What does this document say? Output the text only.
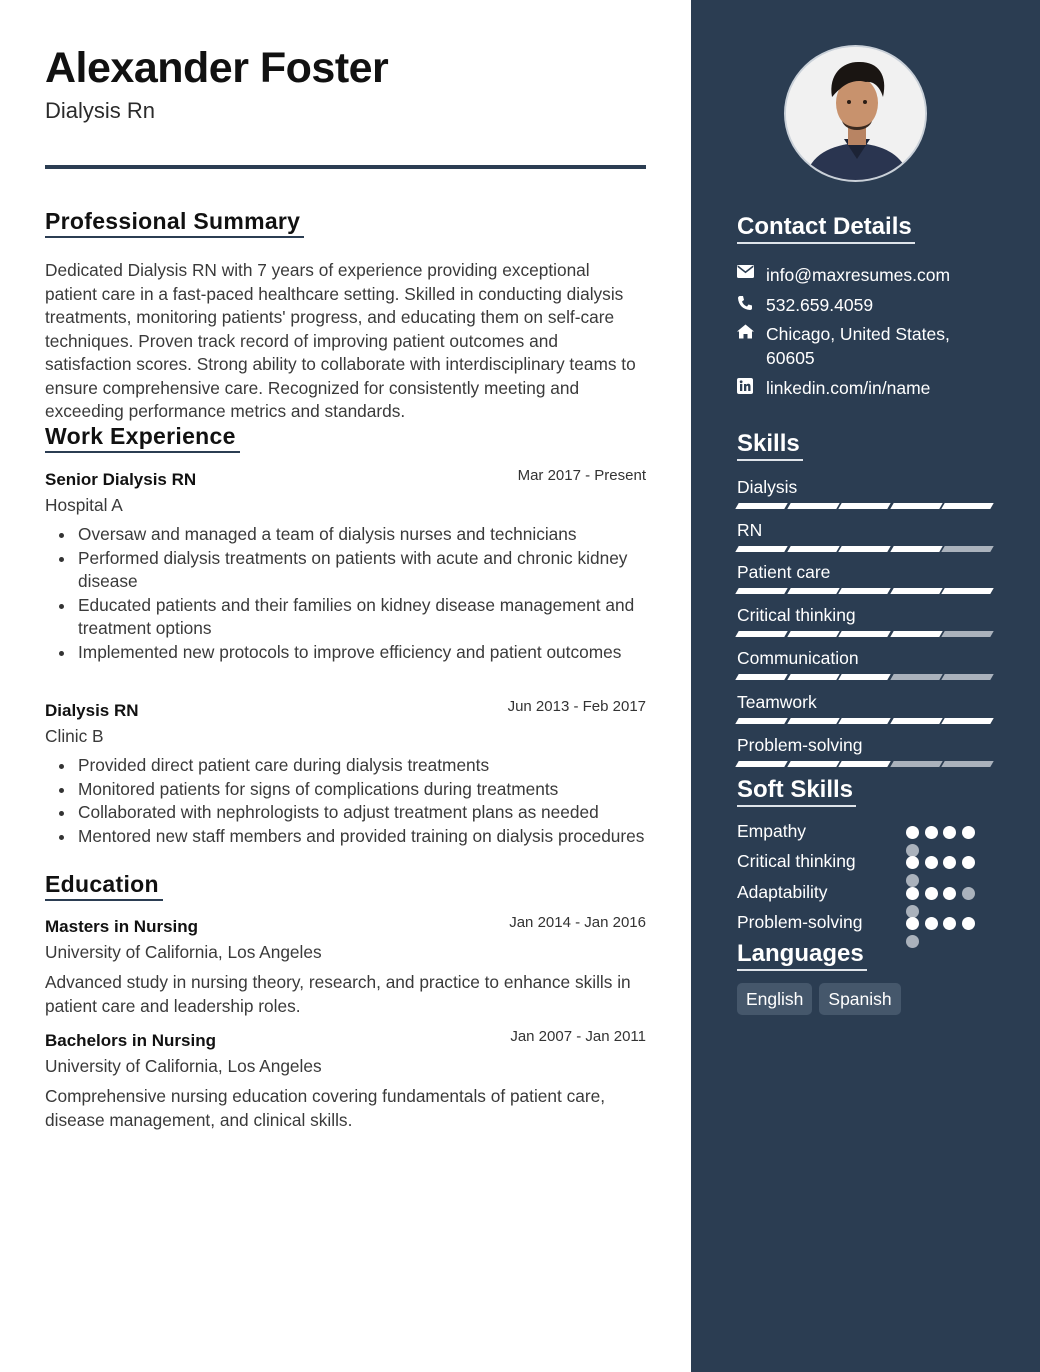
Alexander Foster
Dialysis Rn
Professional Summary

Dedicated Dialysis RN with 7 years of experience providing exceptional patient care in a fast-paced healthcare setting. Skilled in conducting dialysis treatments, monitoring patients' progress, and educating them on self-care techniques. Proven track record of improving patient outcomes and satisfaction scores. Strong ability to collaborate with interdisciplinary teams to ensure comprehensive care. Recognized for consistently meeting and exceeding performance metrics and standards.

Work Experience
Senior Dialysis RN	Mar 2017 - Present
Hospital A
Oversaw and managed a team of dialysis nurses and technicians
Performed dialysis treatments on patients with acute and chronic kidney disease
Educated patients and their families on kidney disease management and treatment options
Implemented new protocols to improve efficiency and patient outcomes
Dialysis RN	Jun 2013 - Feb 2017
Clinic B
Provided direct patient care during dialysis treatments
Monitored patients for signs of complications during treatments
Collaborated with nephrologists to adjust treatment plans as needed
Mentored new staff members and provided training on dialysis procedures
Education
Masters in Nursing	Jan 2014 - Jan 2016
University of California, Los Angeles

Advanced study in nursing theory, research, and practice to enhance skills in patient care and leadership roles.

Bachelors in Nursing	Jan 2007 - Jan 2011
University of California, Los Angeles

Comprehensive nursing education covering fundamentals of patient care, disease management, and clinical skills.

Contact Details
info@maxresumes.com
532.659.4059
Chicago, United States, 60605
linkedin.com/in/name
Skills
Dialysis
RN
Patient care
Critical thinking
Communication
Teamwork
Problem-solving
Soft Skills
Empathy
Critical thinking
Adaptability
Problem-solving
Languages
English	Spanish
